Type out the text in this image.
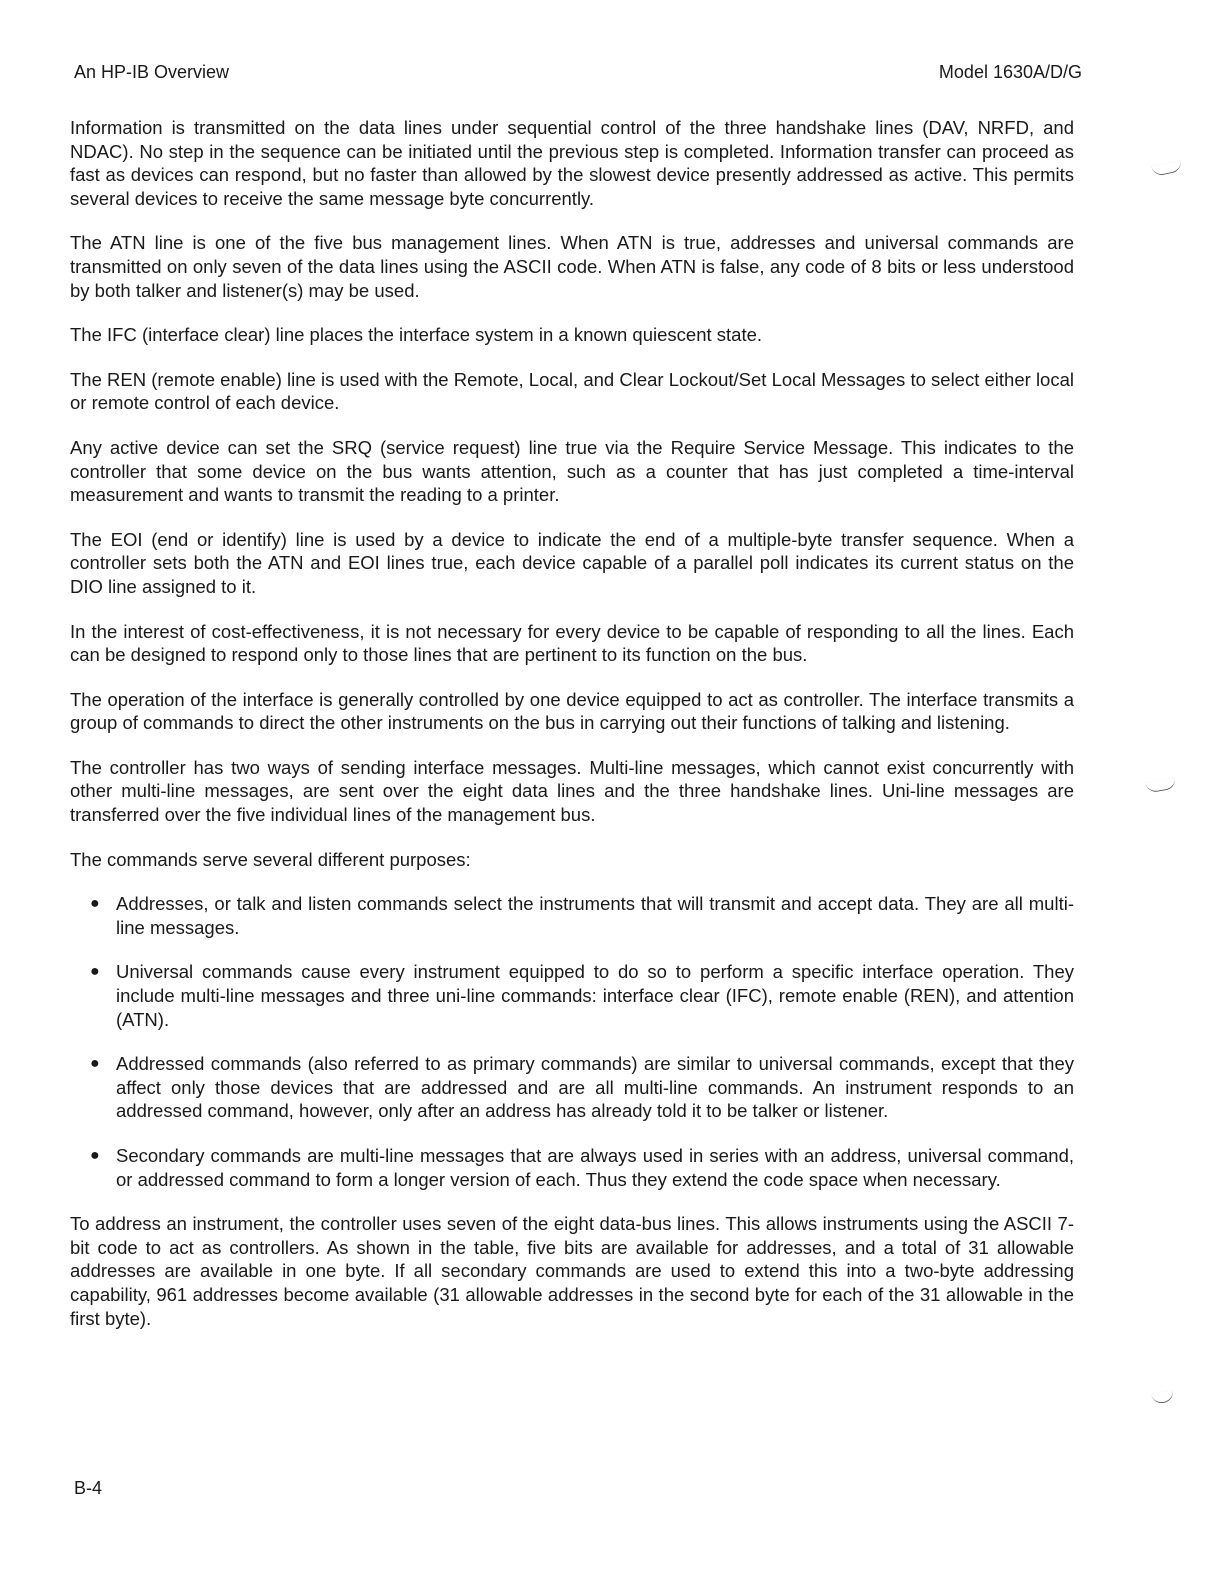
An HP-IB Overview	Model 1630A/D/G

Information is transmitted on the data lines under sequential control of the three handshake lines (DAV, NRFD, and NDAC). No step in the sequence can be initiated until the previous step is completed. Information transfer can proceed as fast as devices can respond, but no faster than allowed by the slowest device presently addressed as active. This permits several devices to receive the same message byte concurrently.

The ATN line is one of the five bus management lines. When ATN is true, addresses and universal commands are transmitted on only seven of the data lines using the ASCII code. When ATN is false, any code of 8 bits or less understood by both talker and listener(s) may be used.

The IFC (interface clear) line places the interface system in a known quiescent state.

The REN (remote enable) line is used with the Remote, Local, and Clear Lockout/Set Local Messages to select either local or remote control of each device.

Any active device can set the SRQ (service request) line true via the Require Service Message. This indicates to the controller that some device on the bus wants attention, such as a counter that has just completed a time-interval measurement and wants to transmit the reading to a printer.

The EOI (end or identify) line is used by a device to indicate the end of a multiple-byte transfer sequence. When a controller sets both the ATN and EOI lines true, each device capable of a parallel poll indicates its current status on the DIO line assigned to it.

In the interest of cost-effectiveness, it is not necessary for every device to be capable of responding to all the lines. Each can be designed to respond only to those lines that are pertinent to its function on the bus.

The operation of the interface is generally controlled by one device equipped to act as controller. The interface transmits a group of commands to direct the other instruments on the bus in carrying out their functions of talking and listening.

The controller has two ways of sending interface messages. Multi-line messages, which cannot exist concurrently with other multi-line messages, are sent over the eight data lines and the three handshake lines. Uni-line messages are transferred over the five individual lines of the management bus.

The commands serve several different purposes:

● Addresses, or talk and listen commands select the instruments that will transmit and accept data. They are all multi-line messages.
● Universal commands cause every instrument equipped to do so to perform a specific interface operation. They include multi-line messages and three uni-line commands: interface clear (IFC), remote enable (REN), and attention (ATN).
● Addressed commands (also referred to as primary commands) are similar to universal commands, except that they affect only those devices that are addressed and are all multi-line commands. An instrument responds to an addressed command, however, only after an address has already told it to be talker or listener.
● Secondary commands are multi-line messages that are always used in series with an address, universal command, or addressed command to form a longer version of each. Thus they extend the code space when necessary.

To address an instrument, the controller uses seven of the eight data-bus lines. This allows instruments using the ASCII 7-bit code to act as controllers. As shown in the table, five bits are available for addresses, and a total of 31 allowable addresses are available in one byte. If all secondary commands are used to extend this into a two-byte addressing capability, 961 addresses become available (31 allowable addresses in the second byte for each of the 31 allowable in the first byte).

B-4
